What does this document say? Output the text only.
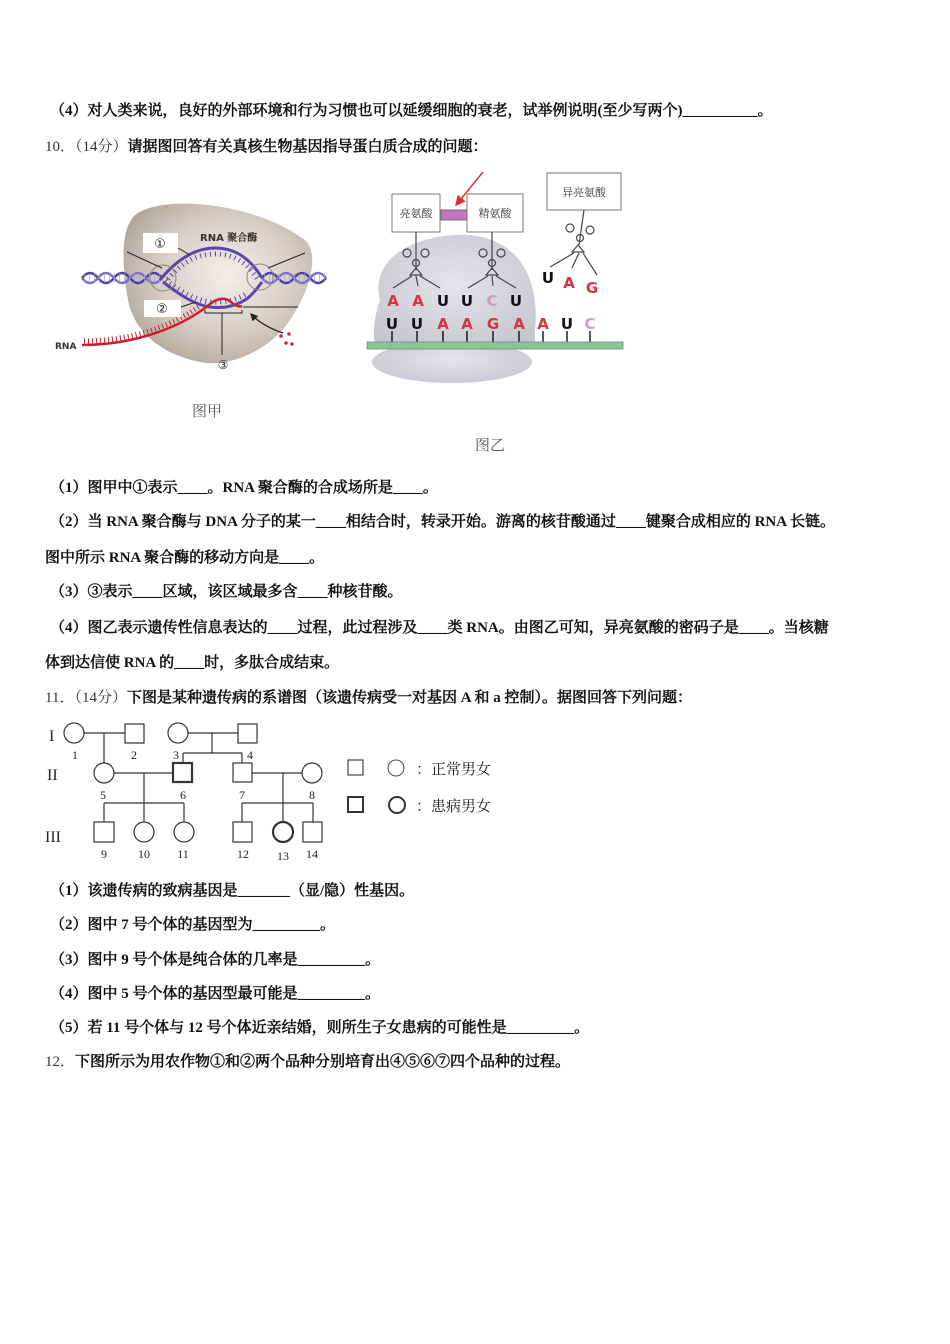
（4）对人类来说，良好的外部环境和行为习惯也可以延缓细胞的衰老，试举例说明(至少写两个)__________。
10．（14分）请据图回答有关真核生物基因指导蛋白质合成的问题：
①
②
RNA 聚合酶
RNA
③
图甲
亮氨酸	精氨酸
异亮氨酸
A A U U C U
U A G
U U A A G A A U C
图乙
（1）图甲中①表示____。RNA 聚合酶的合成场所是____。
（2）当 RNA 聚合酶与 DNA 分子的某一____相结合时，转录开始。游离的核苷酸通过____键聚合成相应的 RNA 长链。
图中所示 RNA 聚合酶的移动方向是____。
（3）③表示____区域，该区域最多含____种核苷酸。
（4）图乙表示遗传性信息表达的____过程，此过程涉及____类 RNA。由图乙可知，异亮氨酸的密码子是____。当核糖
体到达信使 RNA 的____时，多肽合成结束。
11．（14分）下图是某种遗传病的系谱图（该遗传病受一对基因 A 和 a 控制）。据图回答下列问题：
I
II
III
1	2	3	4
5	6	7	8
9	10 11	12 13 14
：正常男女
：患病男女
（1）该遗传病的致病基因是_______（显/隐）性基因。
（2）图中 7 号个体的基因型为_________。
（3）图中 9 号个体是纯合体的几率是_________。
（4）图中 5 号个体的基因型最可能是_________。
（5）若 11 号个体与 12 号个体近亲结婚，则所生子女患病的可能性是_________。
12．下图所示为用农作物①和②两个品种分别培育出④⑤⑥⑦四个品种的过程。
